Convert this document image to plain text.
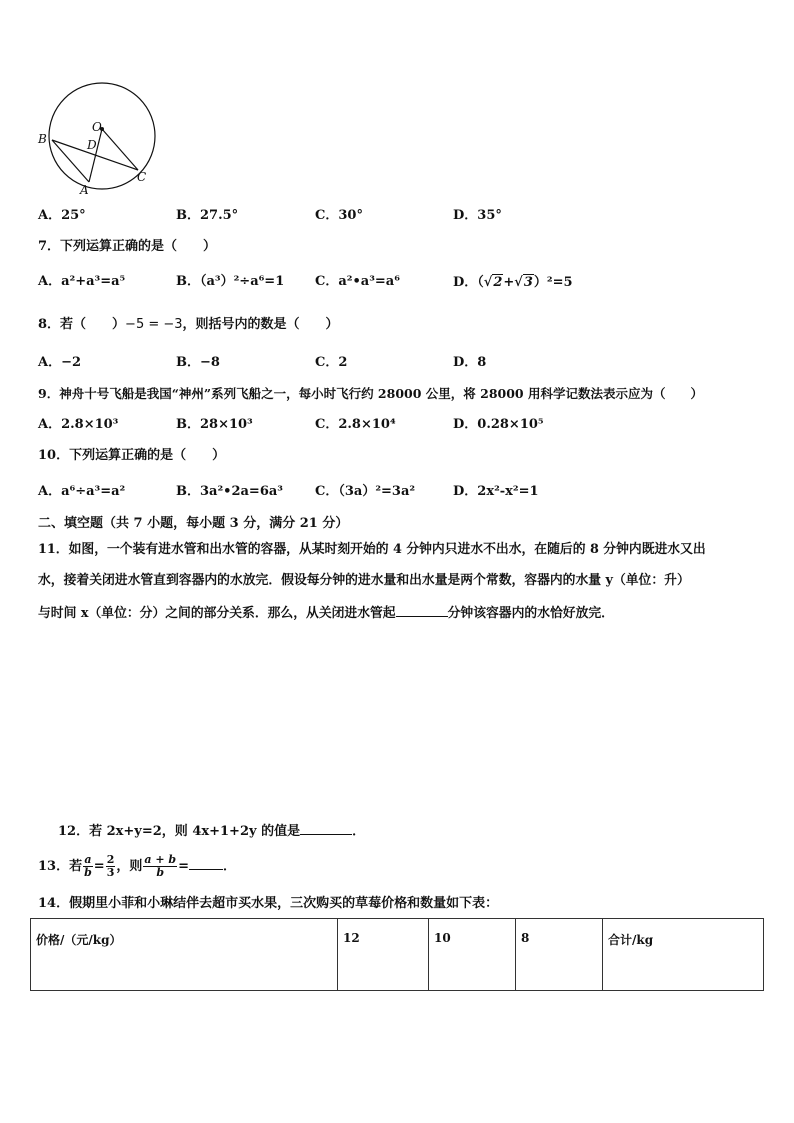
O
B	D
A
C
A．25°	B．27.5°	C．30°	D．35°
7．下列运算正确的是（　　）
A．a²+a³=a⁵	B．（a³）²÷a⁶=1 C．a²•a³=a⁶	D．（√2+√3）²=5
8．若（　　）−5 = −3，则括号内的数是（　　）
A．−2	B．−8	C．2	D．8
9．神舟十号飞船是我国“神州”系列飞船之一，每小时飞行约 28000 公里，将 28000 用科学记数法表示应为（　　）
A．2.8×10³	B．28×10³	C．2.8×10⁴	D．0.28×10⁵
10．下列运算正确的是（　　）
A．a⁶÷a³=a²	B．3a²•2a=6a³ C．（3a）²=3a²	D．2x²-x²=1
二、填空题（共 7 小题，每小题 3 分，满分 21 分）
11．如图，一个装有进水管和出水管的容器，从某时刻开始的 4 分钟内只进水不出水，在随后的 8 分钟内既进水又出
水，接着关闭进水管直到容器内的水放完．假设每分钟的进水量和出水量是两个常数，容器内的水量 y（单位：升）
与时间 x（单位：分）之间的部分关系．那么，从关闭进水管起	分钟该容器内的水恰好放完．
12．若 2x+y=2，则 4x+1+2y 的值是	．
13．若 $\frac{a}{b} = \frac{2}{3}$ ，则 $\frac{a + b}{b}$ =	．
14．假期里小菲和小琳结伴去超市买水果，三次购买的草莓价格和数量如下表：
价格/（元/kg）	12	10	8	合计/kg
